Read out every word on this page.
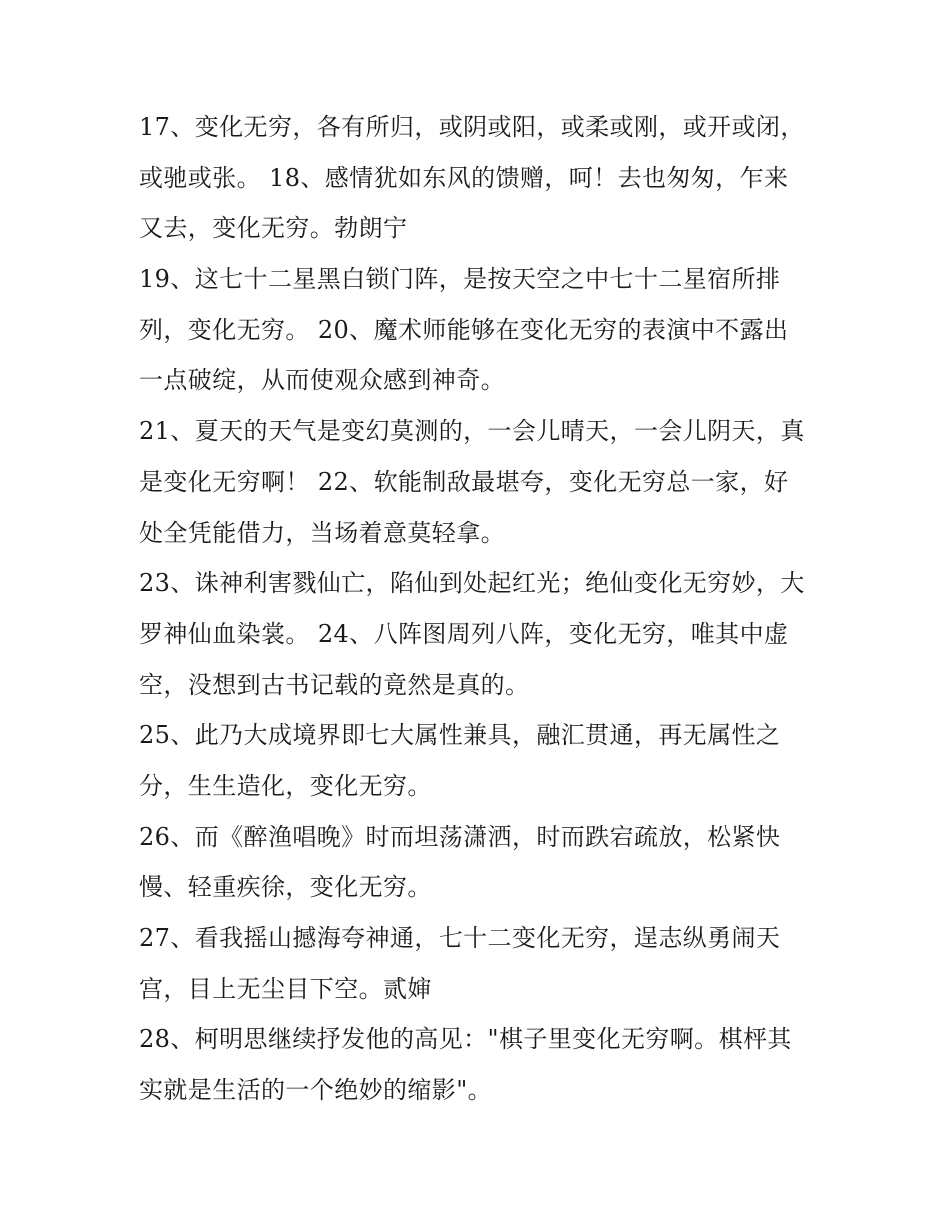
17、变化无穷，各有所归，或阴或阳，或柔或刚，或开或闭，
或驰或张。 18、感情犹如东风的馈赠，呵！去也匆匆，乍来
又去，变化无穷。勃朗宁
19、这七十二星黑白锁门阵，是按天空之中七十二星宿所排
列，变化无穷。 20、魔术师能够在变化无穷的表演中不露出
一点破绽，从而使观众感到神奇。
21、夏天的天气是变幻莫测的，一会儿晴天，一会儿阴天，真
是变化无穷啊！ 22、软能制敌最堪夸，变化无穷总一家，好
处全凭能借力，当场着意莫轻拿。
23、诛神利害戮仙亡，陷仙到处起红光；绝仙变化无穷妙，大
罗神仙血染裳。 24、八阵图周列八阵，变化无穷，唯其中虚
空，没想到古书记载的竟然是真的。
25、此乃大成境界即七大属性兼具，融汇贯通，再无属性之
分，生生造化，变化无穷。
26、而《醉渔唱晚》时而坦荡潇洒，时而跌宕疏放，松紧快
慢、轻重疾徐，变化无穷。
27、看我摇山撼海夸神通，七十二变化无穷，逞志纵勇闹天
宫，目上无尘目下空。贰婶
28、柯明思继续抒发他的高见："棋子里变化无穷啊。棋枰其
实就是生活的一个绝妙的缩影"。
